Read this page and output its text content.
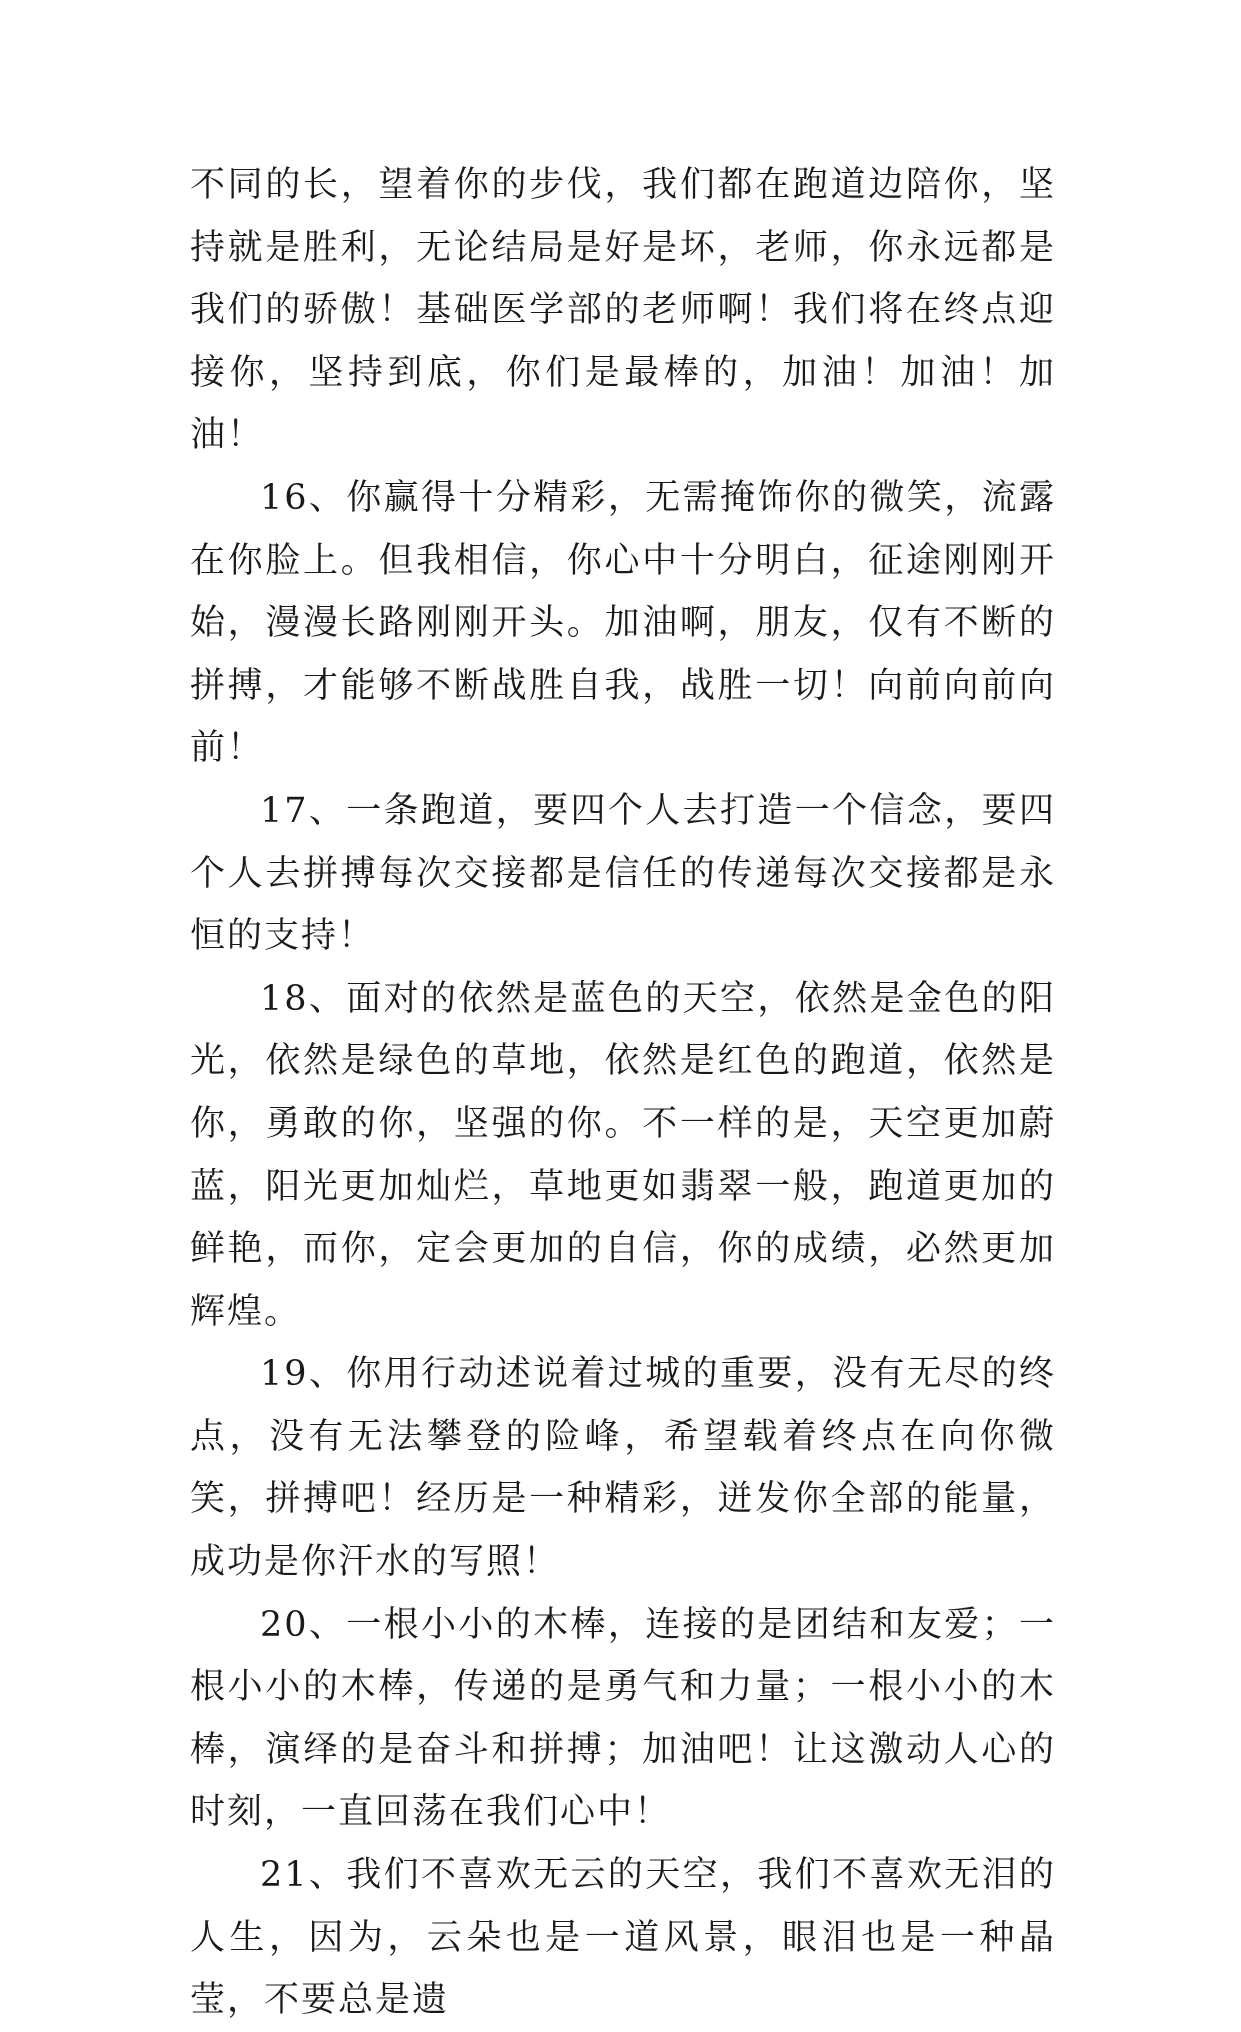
不同的长，望着你的步伐，我们都在跑道边陪你，坚持就是胜利，无论结局是好是坏，老师，你永远都是我们的骄傲！基础医学部的老师啊！我们将在终点迎接你，坚持到底，你们是最棒的，加油！加油！加油！

16、你赢得十分精彩，无需掩饰你的微笑，流露在你脸上。但我相信，你心中十分明白，征途刚刚开始，漫漫长路刚刚开头。加油啊，朋友，仅有不断的拼搏，才能够不断战胜自我，战胜一切！向前向前向前！

17、一条跑道，要四个人去打造一个信念，要四个人去拼搏每次交接都是信任的传递每次交接都是永恒的支持！

18、面对的依然是蓝色的天空，依然是金色的阳光，依然是绿色的草地，依然是红色的跑道，依然是你，勇敢的你，坚强的你。不一样的是，天空更加蔚蓝，阳光更加灿烂，草地更如翡翠一般，跑道更加的鲜艳，而你，定会更加的自信，你的成绩，必然更加辉煌。

19、你用行动述说着过城的重要，没有无尽的终点，没有无法攀登的险峰，希望载着终点在向你微笑，拼搏吧！经历是一种精彩，迸发你全部的能量，成功是你汗水的写照！

20、一根小小的木棒，连接的是团结和友爱；一根小小的木棒，传递的是勇气和力量；一根小小的木棒，演绎的是奋斗和拼搏；加油吧！让这激动人心的时刻，一直回荡在我们心中！

21、我们不喜欢无云的天空，我们不喜欢无泪的人生，因为，云朵也是一道风景，眼泪也是一种晶莹，不要总是遗
